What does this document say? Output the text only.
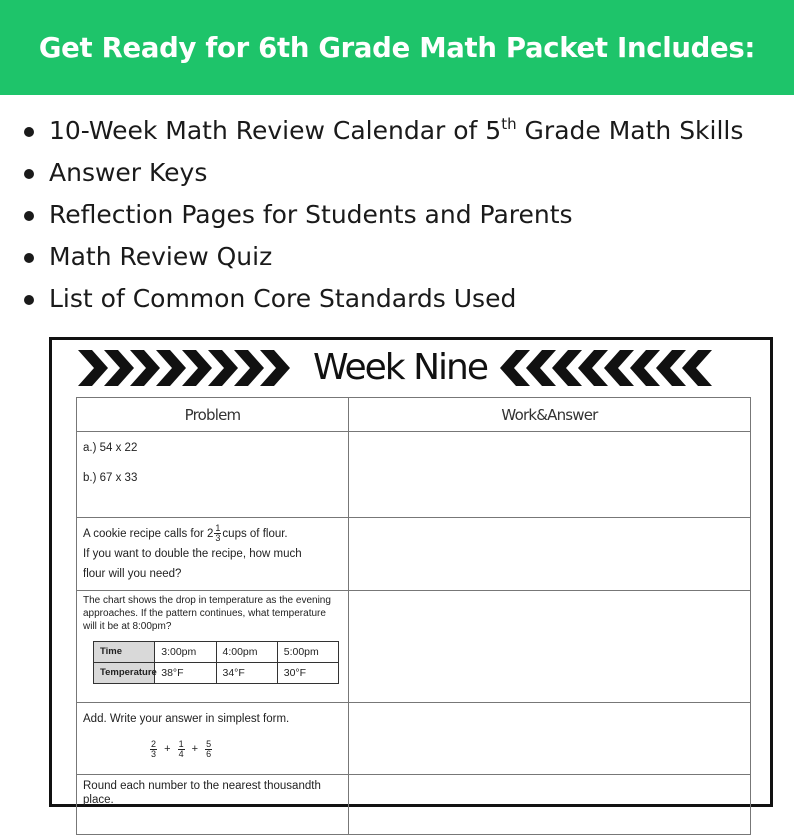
Get Ready for 6th Grade Math Packet Includes:
10-Week Math Review Calendar of 5th Grade Math Skills
Answer Keys
Reflection Pages for Students and Parents
Math Review Quiz
List of Common Core Standards Used
Week Nine
Problem	Work&Answer

a.) 54 x 22
b.) 67 x 33

A cookie recipe calls for $2 \frac{1}{3}$ cups of flour.
If you want to double the recipe, how much
flour will you need?

The chart shows the drop in temperature as the evening approaches. If the pattern continues, what temperature will it be at 8:00pm?
Time	3:00pm	4:00pm	5:00pm
Temperature	38°F	34°F	30°F

Add. Write your answer in simplest form.
$\frac{2}{3} + \frac{1}{4} + \frac{5}{6}$

Round each number to the nearest thousandth place.
